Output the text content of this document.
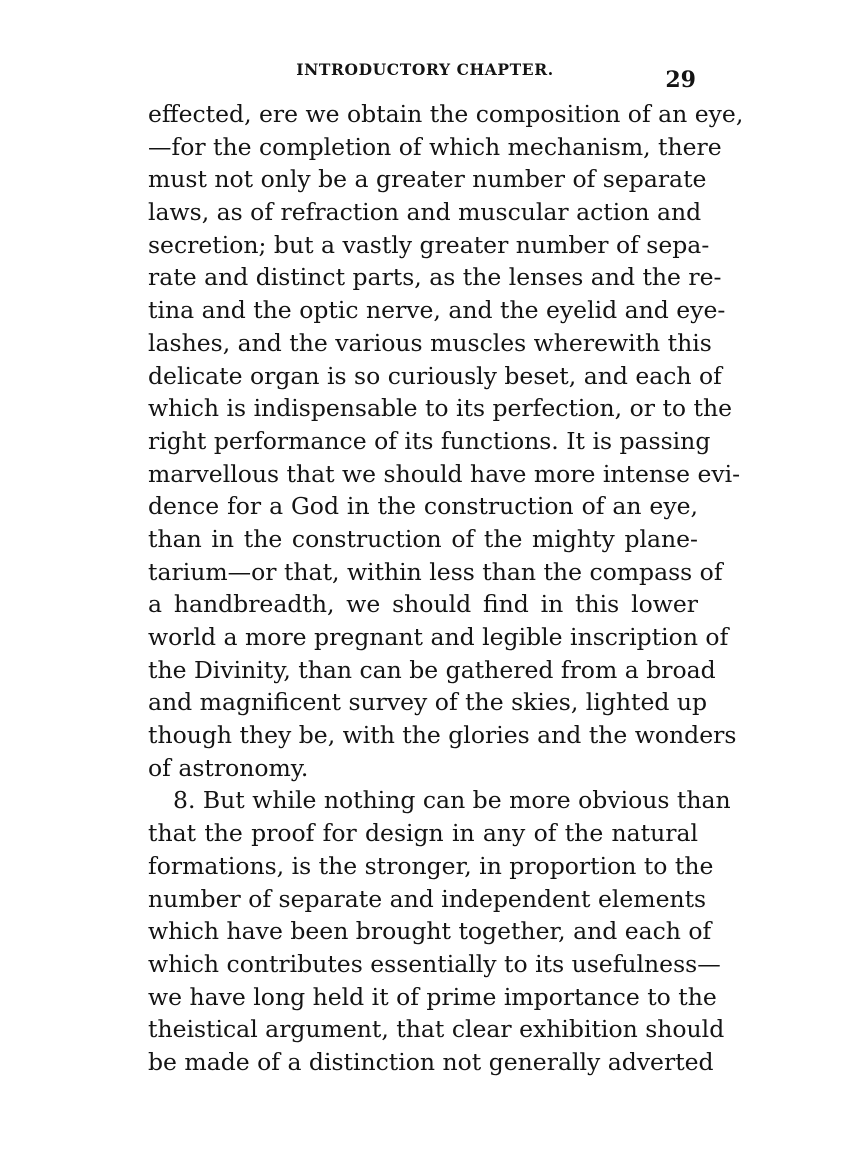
INTRODUCTORY CHAPTER.	29
effected, ere we obtain the composition of an eye,
—for the completion of which mechanism, there
must not only be a greater number of separate
laws, as of refraction and muscular action and
secretion; but a vastly greater number of sepa-
rate and distinct parts, as the lenses and the re-
tina and the optic nerve, and the eyelid and eye-
lashes, and the various muscles wherewith this
delicate organ is so curiously beset, and each of
which is indispensable to its perfection, or to the
right performance of its functions. It is passing
marvellous that we should have more intense evi-
dence for a God in the construction of an eye,
than in the construction of the mighty plane-
tarium—or that, within less than the compass of
a handbreadth, we should find in this lower
world a more pregnant and legible inscription of
the Divinity, than can be gathered from a broad
and magnificent survey of the skies, lighted up
though they be, with the glories and the wonders
of astronomy.
8. But while nothing can be more obvious than
that the proof for design in any of the natural
formations, is the stronger, in proportion to the
number of separate and independent elements
which have been brought together, and each of
which contributes essentially to its usefulness—
we have long held it of prime importance to the
theistical argument, that clear exhibition should
be made of a distinction not generally adverted
